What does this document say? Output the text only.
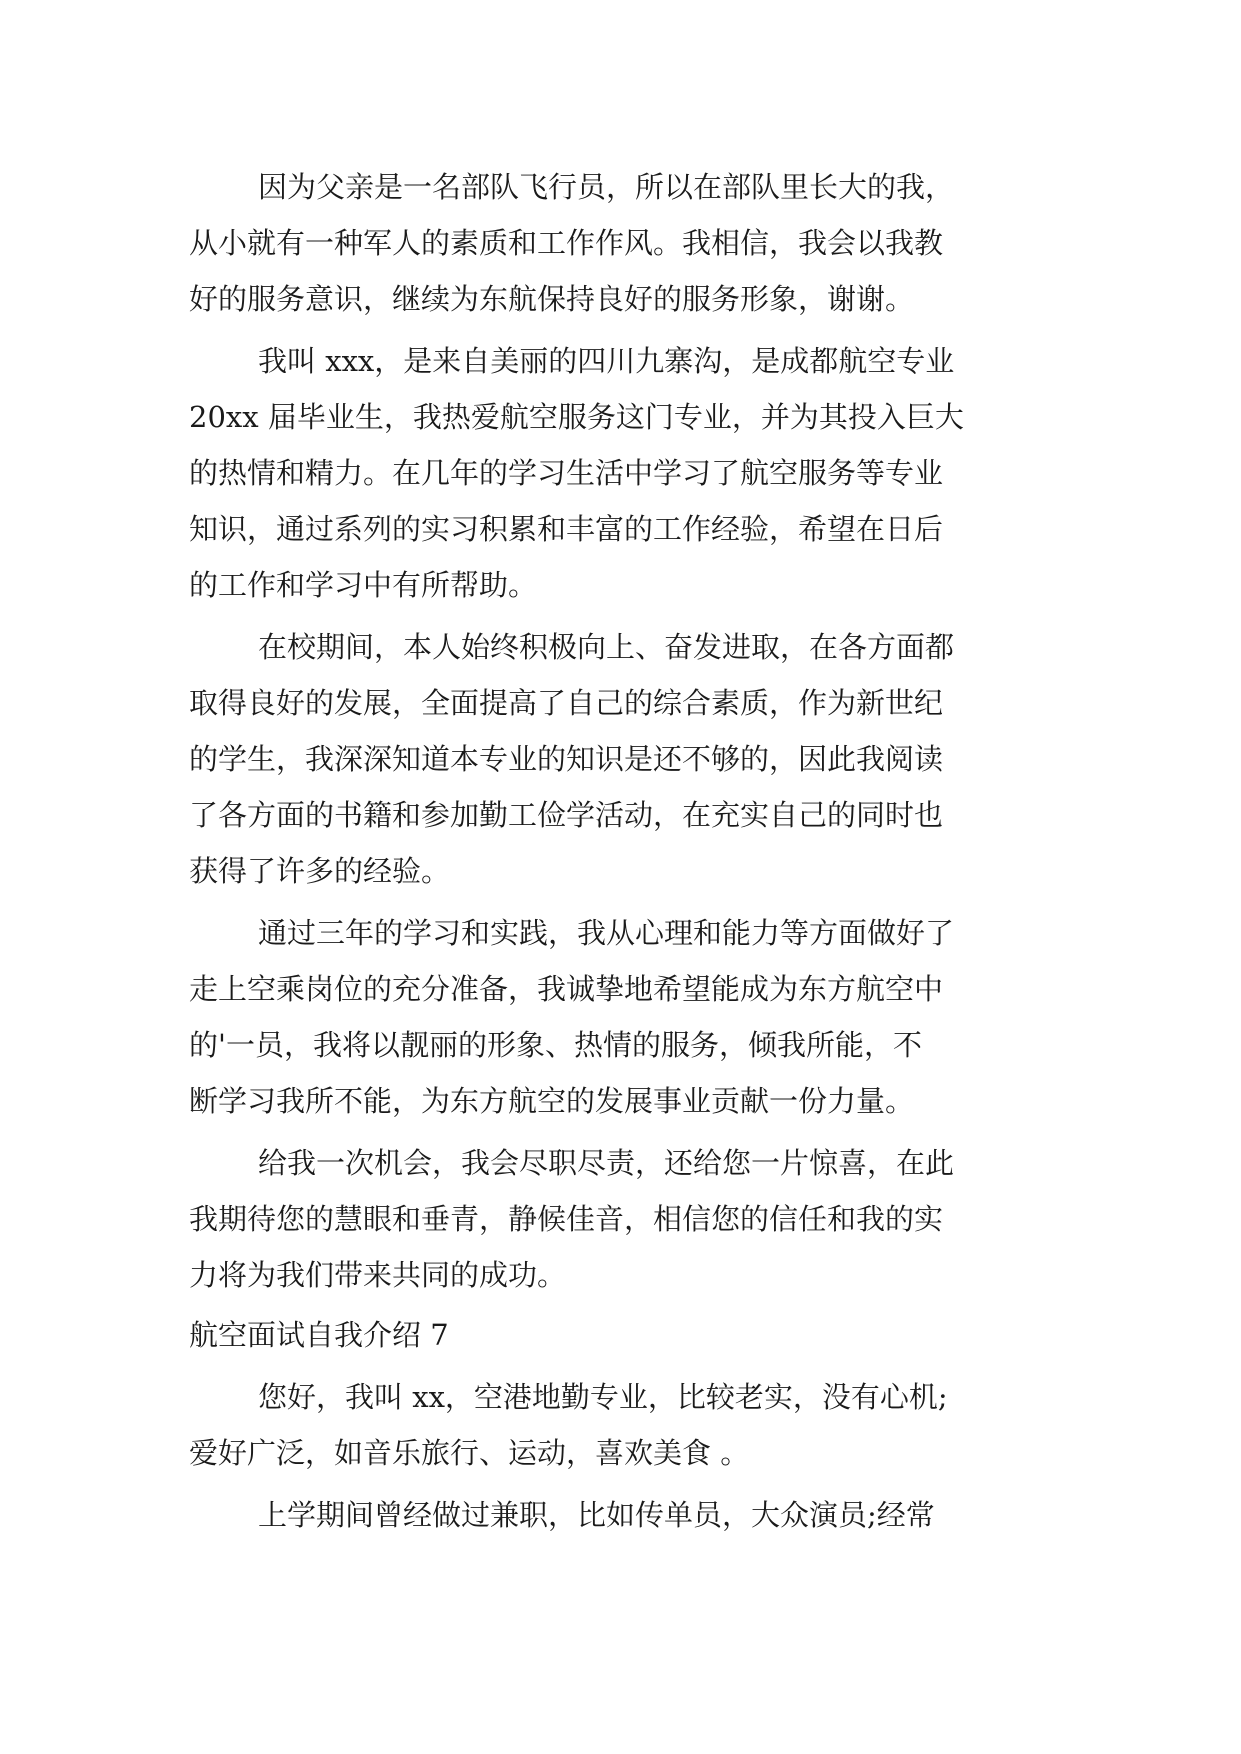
因为父亲是一名部队飞行员，所以在部队里长大的我，

从小就有一种军人的素质和工作作风。我相信，我会以我教

好的服务意识，继续为东航保持良好的服务形象，谢谢。

我叫 xxx，是来自美丽的四川九寨沟，是成都航空专业

20xx 届毕业生，我热爱航空服务这门专业，并为其投入巨大

的热情和精力。在几年的学习生活中学习了航空服务等专业

知识，通过系列的实习积累和丰富的工作经验，希望在日后

的工作和学习中有所帮助。

在校期间，本人始终积极向上、奋发进取，在各方面都

取得良好的发展，全面提高了自己的综合素质，作为新世纪

的学生，我深深知道本专业的知识是还不够的，因此我阅读

了各方面的书籍和参加勤工俭学活动，在充实自己的同时也

获得了许多的经验。

通过三年的学习和实践，我从心理和能力等方面做好了

走上空乘岗位的充分准备，我诚挚地希望能成为东方航空中

的'一员，我将以靓丽的形象、热情的服务，倾我所能，不

断学习我所不能，为东方航空的发展事业贡献一份力量。

给我一次机会，我会尽职尽责，还给您一片惊喜，在此

我期待您的慧眼和垂青，静候佳音，相信您的信任和我的实

力将为我们带来共同的成功。

航空面试自我介绍 7

您好，我叫 xx，空港地勤专业，比较老实，没有心机;

爱好广泛，如音乐旅行、运动，喜欢美食 。

上学期间曾经做过兼职，比如传单员，大众演员;经常
